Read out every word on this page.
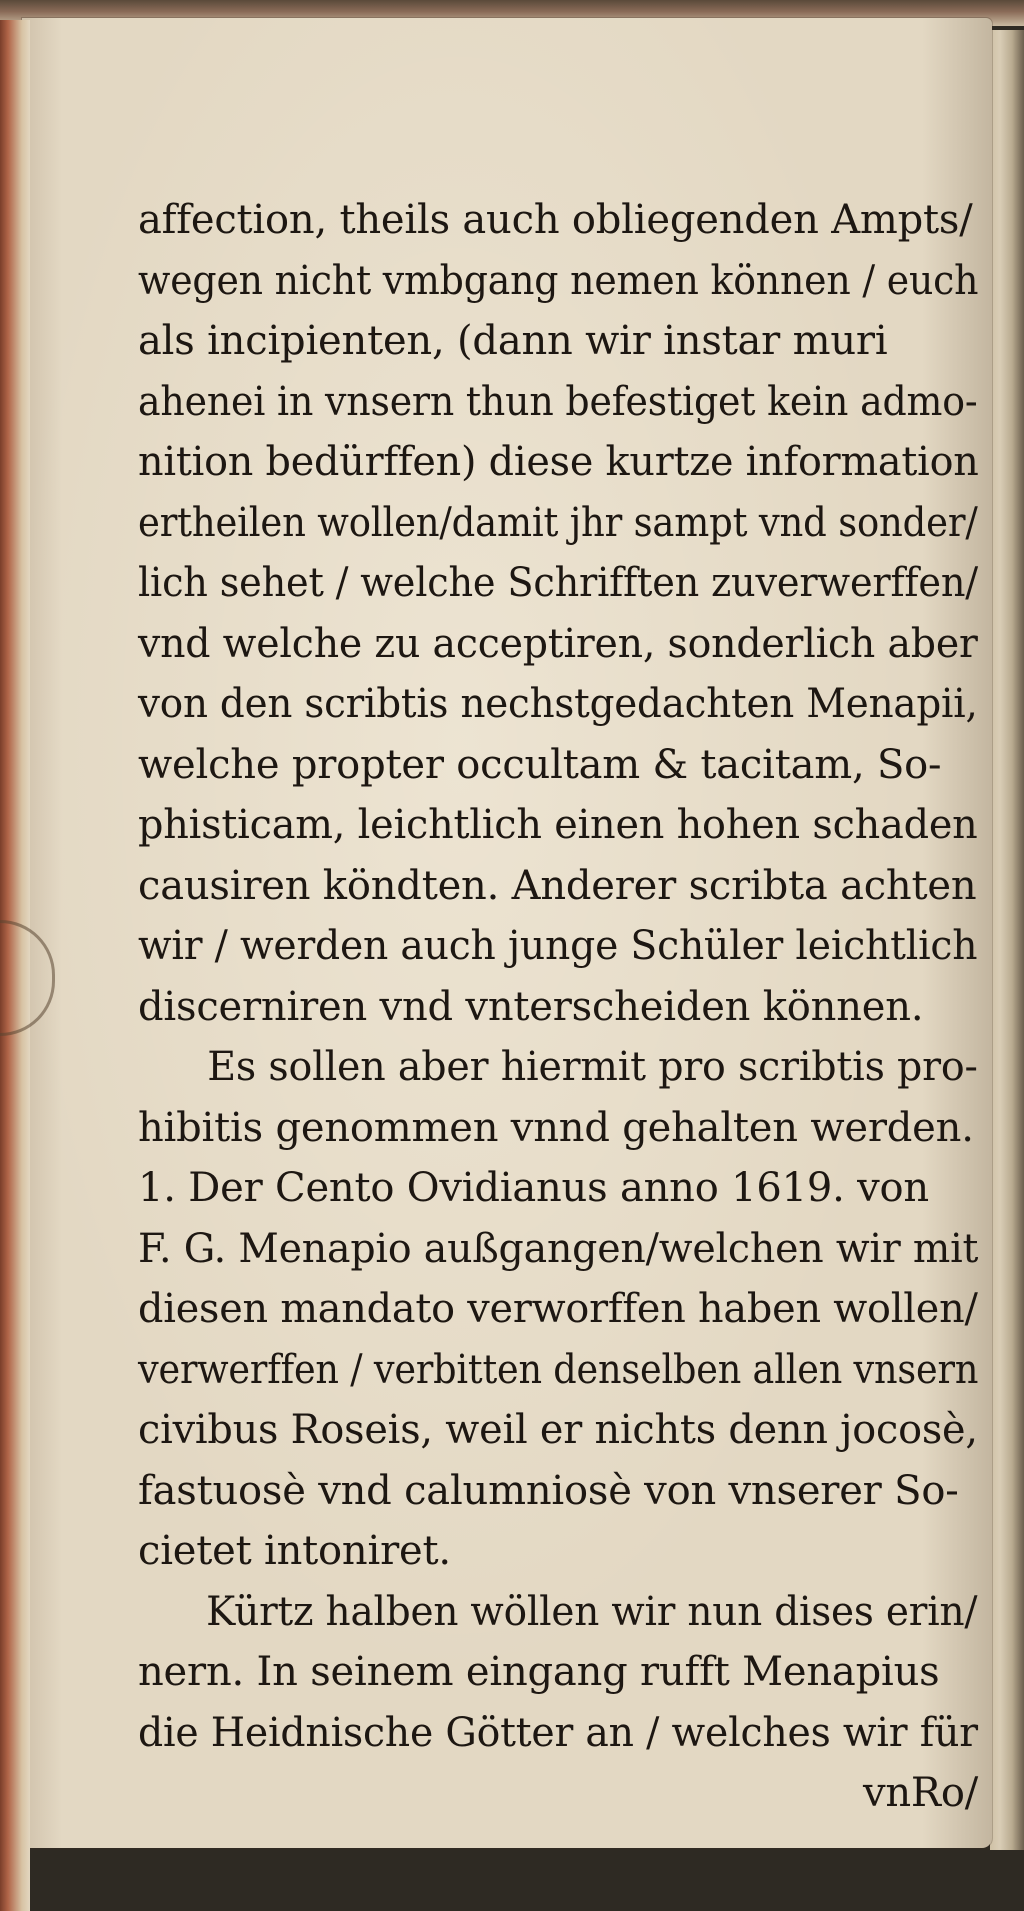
affection, theils auch obliegenden Ampts/
wegen nicht vmbgang nemen können / euch
als incipienten, (dann wir instar muri
ahenei in vnsern thun befestiget kein admo-
nition bedürffen) diese kurtze information
ertheilen wollen/damit jhr sampt vnd sonder/
lich sehet / welche Schrifften zuverwerffen/
vnd welche zu acceptiren, sonderlich aber
von den scribtis nechstgedachten Menapii,
welche propter occultam & tacitam, So-
phisticam, leichtlich einen hohen schaden
causiren köndten. Anderer scribta achten
wir / werden auch junge Schüler leichtlich
discerniren vnd vnterscheiden können.
Es sollen aber hiermit pro scribtis pro-
hibitis genommen vnnd gehalten werden.
1. Der Cento Ovidianus anno 1619. von
F. G. Menapio außgangen/welchen wir mit
diesen mandato verworffen haben wollen/
verwerffen / verbitten denselben allen vnsern
civibus Roseis, weil er nichts denn jocosè,
fastuosè vnd calumniosè von vnserer So-
cietet intoniret.
Kürtz halben wöllen wir nun dises erin/
nern. In seinem eingang rufft Menapius
die Heidnische Götter an / welches wir für
vnRo/
